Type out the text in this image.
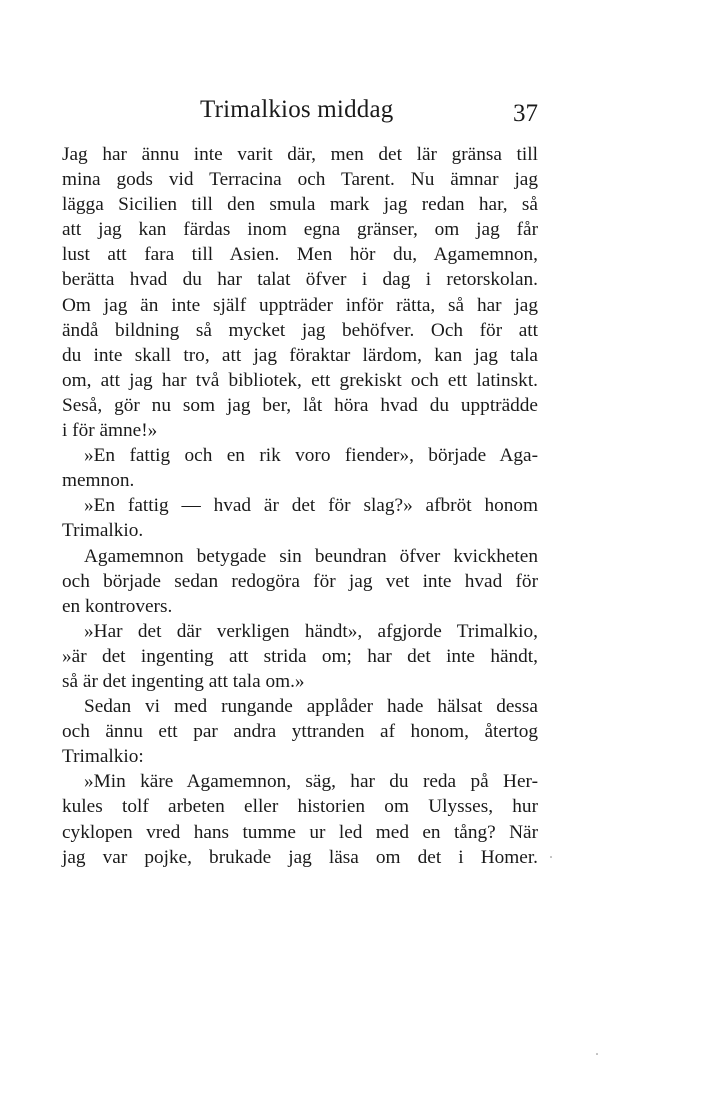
Trimalkios middag	37
Jag har ännu inte varit där, men det lär gränsa till
mina gods vid Terracina och Tarent. Nu ämnar jag
lägga Sicilien till den smula mark jag redan har, så
att jag kan färdas inom egna gränser, om jag får
lust att fara till Asien. Men hör du, Agamemnon,
berätta hvad du har talat öfver i dag i retorskolan.
Om jag än inte själf uppträder inför rätta, så har jag
ändå bildning så mycket jag behöfver. Och för att
du inte skall tro, att jag föraktar lärdom, kan jag tala
om, att jag har två bibliotek, ett grekiskt och ett latinskt.
Seså, gör nu som jag ber, låt höra hvad du uppträdde
i för ämne!»
»En fattig och en rik voro fiender», började Aga-
memnon.
»En fattig — hvad är det för slag?» afbröt honom
Trimalkio.
Agamemnon betygade sin beundran öfver kvickheten
och började sedan redogöra för jag vet inte hvad för
en kontrovers.
»Har det där verkligen händt», afgjorde Trimalkio,
»är det ingenting att strida om; har det inte händt,
så är det ingenting att tala om.»
Sedan vi med rungande applåder hade hälsat dessa
och ännu ett par andra yttranden af honom, återtog
Trimalkio:
»Min käre Agamemnon, säg, har du reda på Her-
kules tolf arbeten eller historien om Ulysses, hur
cyklopen vred hans tumme ur led med en tång? När
jag var pojke, brukade jag läsa om det i Homer.
